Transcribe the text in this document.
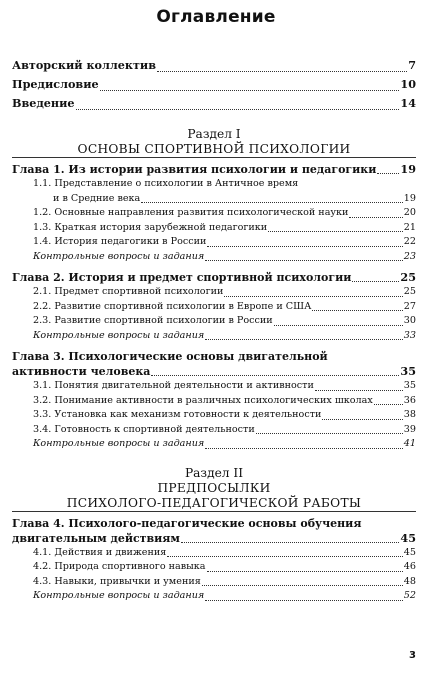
Оглавление
Авторский коллектив	7
Предисловие	10
Введение	14
Раздел I
ОСНОВЫ СПОРТИВНОЙ ПСИХОЛОГИИ
Глава 1. Из истории развития психологии и педагогики 19
1.1. Представление о психологии в Античное время
и в Средние века	19
1.2. Основные направления развития психологической науки	20
1.3. Краткая история зарубежной педагогики	21
1.4. История педагогики в России	22
Контрольные вопросы и задания	23
Глава 2. История и предмет спортивной психологии	25
2.1. Предмет спортивной психологии	25
2.2. Развитие спортивной психологии в Европе и США	27
2.3. Развитие спортивной психологии в России	30
Контрольные вопросы и задания	33
Глава 3. Психологические основы двигательной
активности человека	35
3.1. Понятия двигательной деятельности и активности	35
3.2. Понимание активности в различных психологических школах	36
3.3. Установка как механизм готовности к деятельности	38
3.4. Готовность к спортивной деятельности	39
Контрольные вопросы и задания	41
Раздел II
ПРЕДПОСЫЛКИ
ПСИХОЛОГО-ПЕДАГОГИЧЕСКОЙ РАБОТЫ
Глава 4. Психолого-педагогические основы обучения
двигательным действиям	45
4.1. Действия и движения	45
4.2. Природа спортивного навыка	46
4.3. Навыки, привычки и умения	48
Контрольные вопросы и задания	52
3
